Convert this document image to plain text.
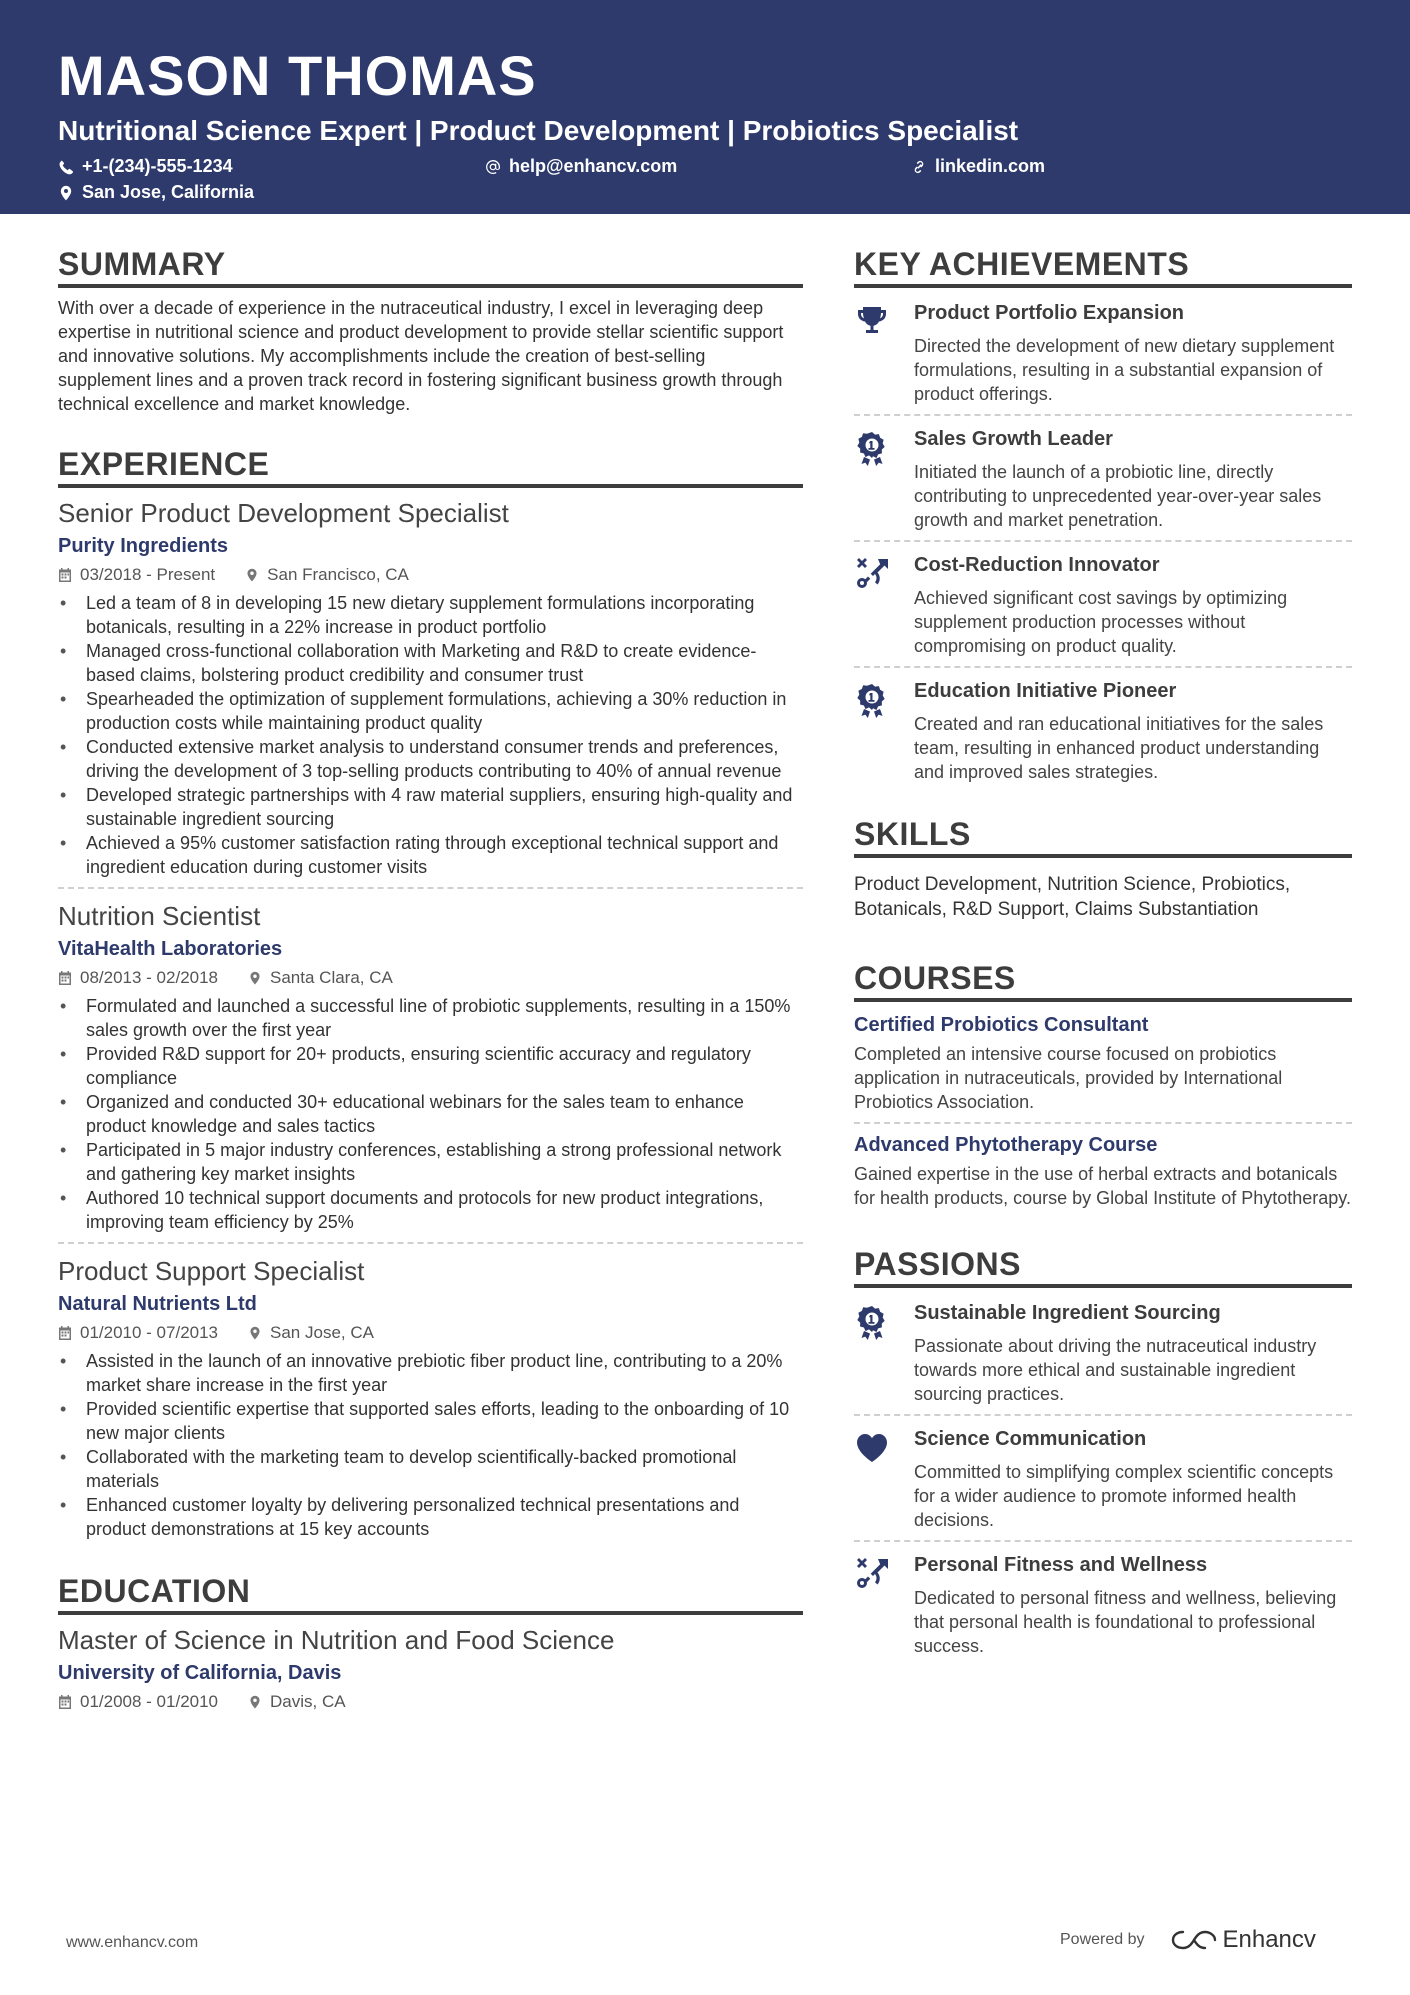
MASON THOMAS
Nutritional Science Expert | Product Development | Probiotics Specialist
+1-(234)-555-1234	help@enhancv.com	linkedin.com
San Jose, California
SUMMARY
With over a decade of experience in the nutraceutical industry, I excel in leveraging deep expertise in nutritional science and product development to provide stellar scientific support and innovative solutions. My accomplishments include the creation of best-selling supplement lines and a proven track record in fostering significant business growth through technical excellence and market knowledge.
EXPERIENCE
Senior Product Development Specialist
Purity Ingredients
03/2018 - Present	San Francisco, CA
• Led a team of 8 in developing 15 new dietary supplement formulations incorporating botanicals, resulting in a 22% increase in product portfolio
• Managed cross-functional collaboration with Marketing and R&D to create evidence-based claims, bolstering product credibility and consumer trust
• Spearheaded the optimization of supplement formulations, achieving a 30% reduction in production costs while maintaining product quality
• Conducted extensive market analysis to understand consumer trends and preferences, driving the development of 3 top-selling products contributing to 40% of annual revenue
• Developed strategic partnerships with 4 raw material suppliers, ensuring high-quality and sustainable ingredient sourcing
• Achieved a 95% customer satisfaction rating through exceptional technical support and ingredient education during customer visits
Nutrition Scientist
VitaHealth Laboratories
08/2013 - 02/2018	Santa Clara, CA
• Formulated and launched a successful line of probiotic supplements, resulting in a 150% sales growth over the first year
• Provided R&D support for 20+ products, ensuring scientific accuracy and regulatory compliance
• Organized and conducted 30+ educational webinars for the sales team to enhance product knowledge and sales tactics
• Participated in 5 major industry conferences, establishing a strong professional network and gathering key market insights
• Authored 10 technical support documents and protocols for new product integrations, improving team efficiency by 25%
Product Support Specialist
Natural Nutrients Ltd
01/2010 - 07/2013	San Jose, CA
• Assisted in the launch of an innovative prebiotic fiber product line, contributing to a 20% market share increase in the first year
• Provided scientific expertise that supported sales efforts, leading to the onboarding of 10 new major clients
• Collaborated with the marketing team to develop scientifically-backed promotional materials
• Enhanced customer loyalty by delivering personalized technical presentations and product demonstrations at 15 key accounts
EDUCATION
Master of Science in Nutrition and Food Science
University of California, Davis
01/2008 - 01/2010	Davis, CA
KEY ACHIEVEMENTS
Product Portfolio Expansion
Directed the development of new dietary supplement formulations, resulting in a substantial expansion of product offerings.
Sales Growth Leader
Initiated the launch of a probiotic line, directly contributing to unprecedented year-over-year sales growth and market penetration.
Cost-Reduction Innovator
Achieved significant cost savings by optimizing supplement production processes without compromising on product quality.
Education Initiative Pioneer
Created and ran educational initiatives for the sales team, resulting in enhanced product understanding and improved sales strategies.
SKILLS
Product Development, Nutrition Science, Probiotics, Botanicals, R&D Support, Claims Substantiation
COURSES
Certified Probiotics Consultant
Completed an intensive course focused on probiotics application in nutraceuticals, provided by International Probiotics Association.
Advanced Phytotherapy Course
Gained expertise in the use of herbal extracts and botanicals for health products, course by Global Institute of Phytotherapy.
PASSIONS
Sustainable Ingredient Sourcing
Passionate about driving the nutraceutical industry towards more ethical and sustainable ingredient sourcing practices.
Science Communication
Committed to simplifying complex scientific concepts for a wider audience to promote informed health decisions.
Personal Fitness and Wellness
Dedicated to personal fitness and wellness, believing that personal health is foundational to professional success.
www.enhancv.com	Powered by	Enhancv
